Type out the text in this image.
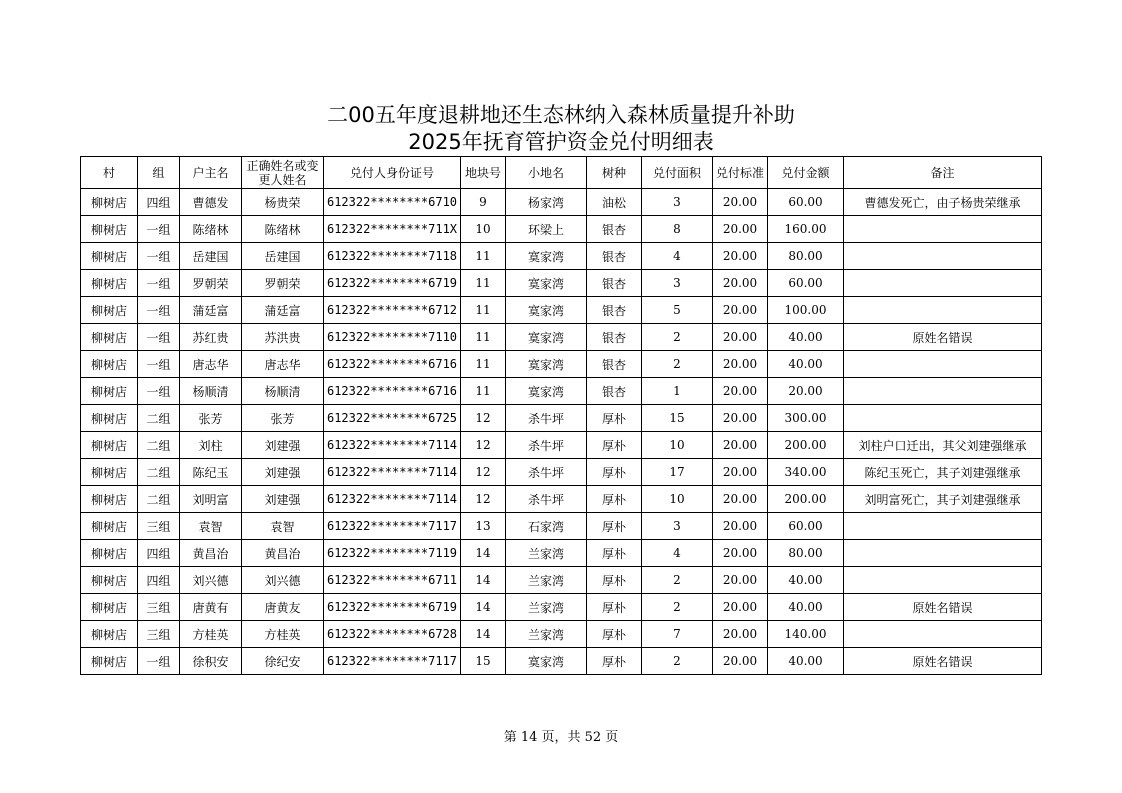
二00五年度退耕地还生态林纳入森林质量提升补助
2025年抚育管护资金兑付明细表
村	组	户主名	正确姓名或变更人姓名	兑付人身份证号	地块号	小地名	树种	兑付面积	兑付标准	兑付金额	备注
柳树店	四组	曹德发	杨贵荣	612322********6710	9	杨家湾	油松	3	20.00	60.00	曹德发死亡，由子杨贵荣继承
柳树店	一组	陈绪林	陈绪林	612322********711X	10	环梁上	银杏	8	20.00	160.00	
柳树店	一组	岳建国	岳建国	612322********7118	11	寞家湾	银杏	4	20.00	80.00	
柳树店	一组	罗朝荣	罗朝荣	612322********6719	11	寞家湾	银杏	3	20.00	60.00	
柳树店	一组	蒲廷富	蒲廷富	612322********6712	11	寞家湾	银杏	5	20.00	100.00	
柳树店	一组	苏红贵	苏洪贵	612322********7110	11	寞家湾	银杏	2	20.00	40.00	原姓名错误
柳树店	一组	唐志华	唐志华	612322********6716	11	寞家湾	银杏	2	20.00	40.00	
柳树店	一组	杨顺清	杨顺清	612322********6716	11	寞家湾	银杏	1	20.00	20.00	
柳树店	二组	张芳	张芳	612322********6725	12	杀牛坪	厚朴	15	20.00	300.00	
柳树店	二组	刘柱	刘建强	612322********7114	12	杀牛坪	厚朴	10	20.00	200.00	刘柱户口迁出，其父刘建强继承
柳树店	二组	陈纪玉	刘建强	612322********7114	12	杀牛坪	厚朴	17	20.00	340.00	陈纪玉死亡，其子刘建强继承
柳树店	二组	刘明富	刘建强	612322********7114	12	杀牛坪	厚朴	10	20.00	200.00	刘明富死亡，其子刘建强继承
柳树店	三组	袁智	袁智	612322********7117	13	石家湾	厚朴	3	20.00	60.00	
柳树店	四组	黄昌治	黄昌治	612322********7119	14	兰家湾	厚朴	4	20.00	80.00	
柳树店	四组	刘兴德	刘兴德	612322********6711	14	兰家湾	厚朴	2	20.00	40.00	
柳树店	三组	唐黄有	唐黄友	612322********6719	14	兰家湾	厚朴	2	20.00	40.00	原姓名错误
柳树店	三组	方桂英	方桂英	612322********6728	14	兰家湾	厚朴	7	20.00	140.00	
柳树店	一组	徐积安	徐纪安	612322********7117	15	寞家湾	厚朴	2	20.00	40.00	原姓名错误
第 14 页，共 52 页
